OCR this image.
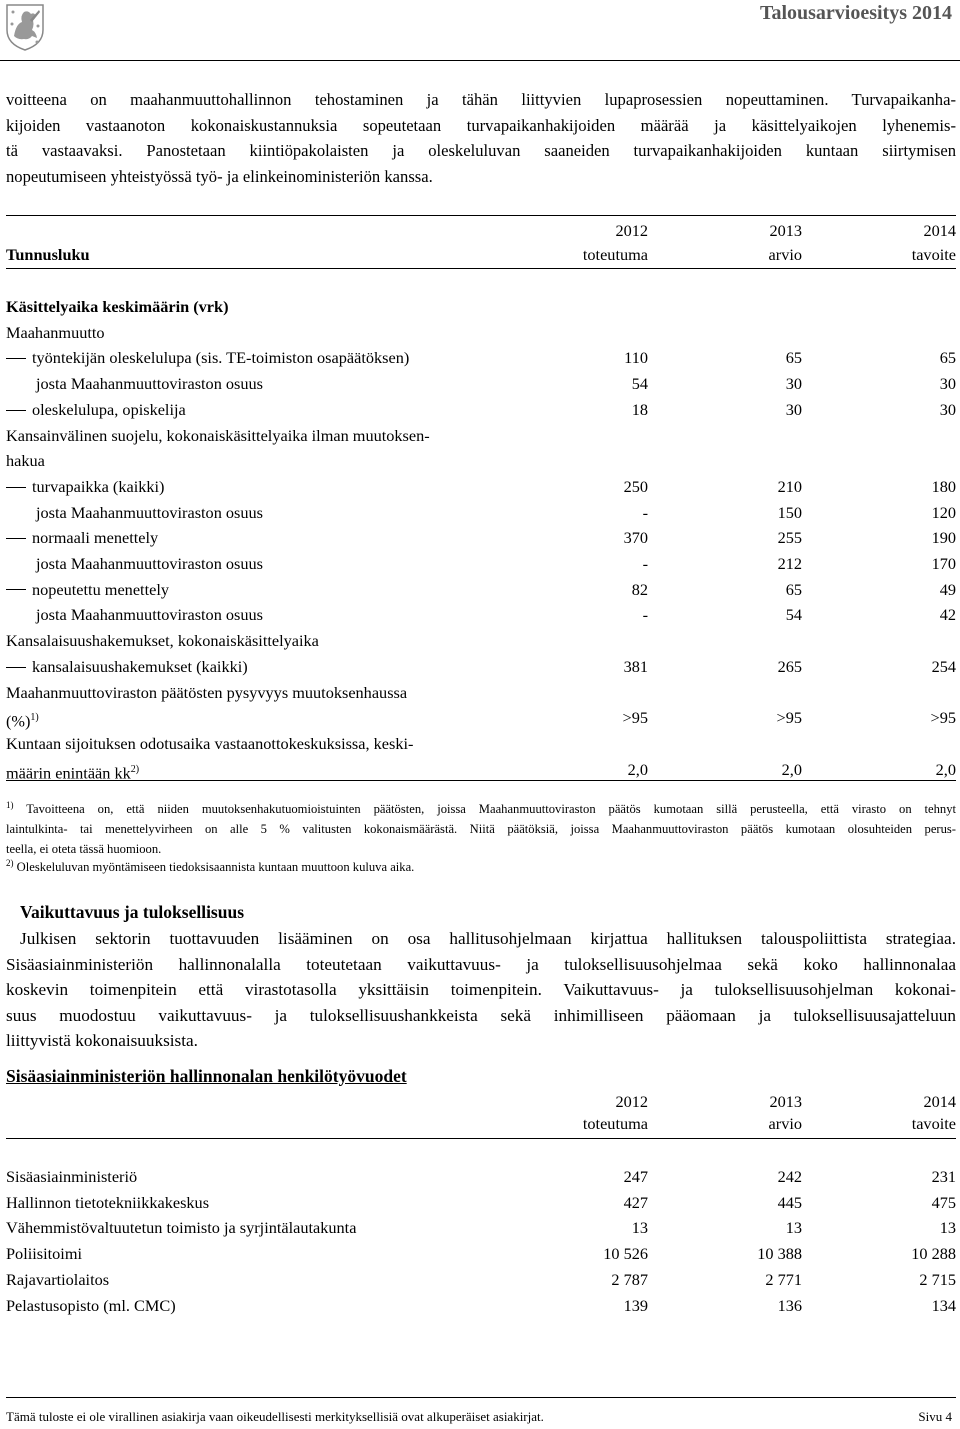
Talousarvioesitys 2014
voitteena on maahanmuuttohallinnon tehostaminen ja tähän liittyvien lupaprosessien nopeuttaminen. Turvapaikanha-
kijoiden vastaanoton kokonaiskustannuksia sopeutetaan turvapaikanhakijoiden määrää ja käsittelyaikojen lyhenemis-
tä vastaavaksi. Panostetaan kiintiöpakolaisten ja oleskeluluvan saaneiden turvapaikanhakijoiden kuntaan siirtymisen
nopeutumiseen yhteistyössä työ- ja elinkeinoministeriön kanssa.
2012	2013	2014
Tunnusluku	toteutuma	arvio	tavoite
Käsittelyaika keskimäärin (vrk)
Maahanmuutto
työntekijän oleskelulupa (sis. TE-toimiston osapäätöksen)	110	65	65
josta Maahanmuuttoviraston osuus	54	30	30
oleskelulupa, opiskelija	18	30	30
Kansainvälinen suojelu, kokonaiskäsittelyaika ilman muutoksen-
hakua
turvapaikka (kaikki)	250	210	180
josta Maahanmuuttoviraston osuus	-	150	120
normaali menettely	370	255	190
josta Maahanmuuttoviraston osuus	-	212	170
nopeutettu menettely	82	65	49
josta Maahanmuuttoviraston osuus	-	54	42
Kansalaisuushakemukset, kokonaiskäsittelyaika
kansalaisuushakemukset (kaikki)	381	265	254
Maahanmuuttoviraston päätösten pysyvyys muutoksenhaussa
(%)$^{1)}$	>95	>95	>95
Kuntaan sijoituksen odotusaika vastaanottokeskuksissa, keski-
määrin enintään $kk^{2)}$	2,0	2,0	2,0
$^{1)}$ Tavoitteena on, että niiden muutoksenhakutuomioistuinten päätösten, joissa Maahanmuuttoviraston päätös kumotaan sillä perusteella, että virasto on tehnyt
laintulkinta- tai menettelyvirheen on alle 5 % valitusten kokonaismäärästä. Niitä päätöksiä, joissa Maahanmuuttoviraston päätös kumotaan olosuhteiden perus-
teella, ei oteta tässä huomioon.
$^{2)}$ Oleskeluluvan myöntämiseen tiedoksisaannista kuntaan muuttoon kuluva aika.
Vaikuttavuus ja tuloksellisuus
Julkisen sektorin tuottavuuden lisääminen on osa hallitusohjelmaan kirjattua hallituksen talouspoliittista strategiaa.
Sisäasiainministeriön hallinnonalalla toteutetaan vaikuttavuus- ja tuloksellisuusohjelmaa sekä koko hallinnonalaa
koskevin toimenpitein että virastotasolla yksittäisin toimenpitein. Vaikuttavuus- ja tuloksellisuusohjelman kokonai-
suus muodostuu vaikuttavuus- ja tuloksellisuushankkeista sekä inhimilliseen pääomaan ja tuloksellisuusajatteluun
liittyvistä kokonaisuuksista.
Sisäasiainministeriön hallinnonalan henkilötyövuodet
2012	2013	2014
toteutuma	arvio	tavoite
Sisäasiainministeriö	247	242	231
Hallinnon tietotekniikkakeskus	427	445	475
Vähemmistövaltuutetun toimisto ja syrjintälautakunta	13	13	13
Poliisitoimi	10 526	10 388	10 288
Rajavartiolaitos	2 787	2 771	2 715
Pelastusopisto (ml. CMC)	139	136	134
Tämä tuloste ei ole virallinen asiakirja vaan oikeudellisesti merkityksellisiä ovat alkuperäiset asiakirjat.	Sivu 4
